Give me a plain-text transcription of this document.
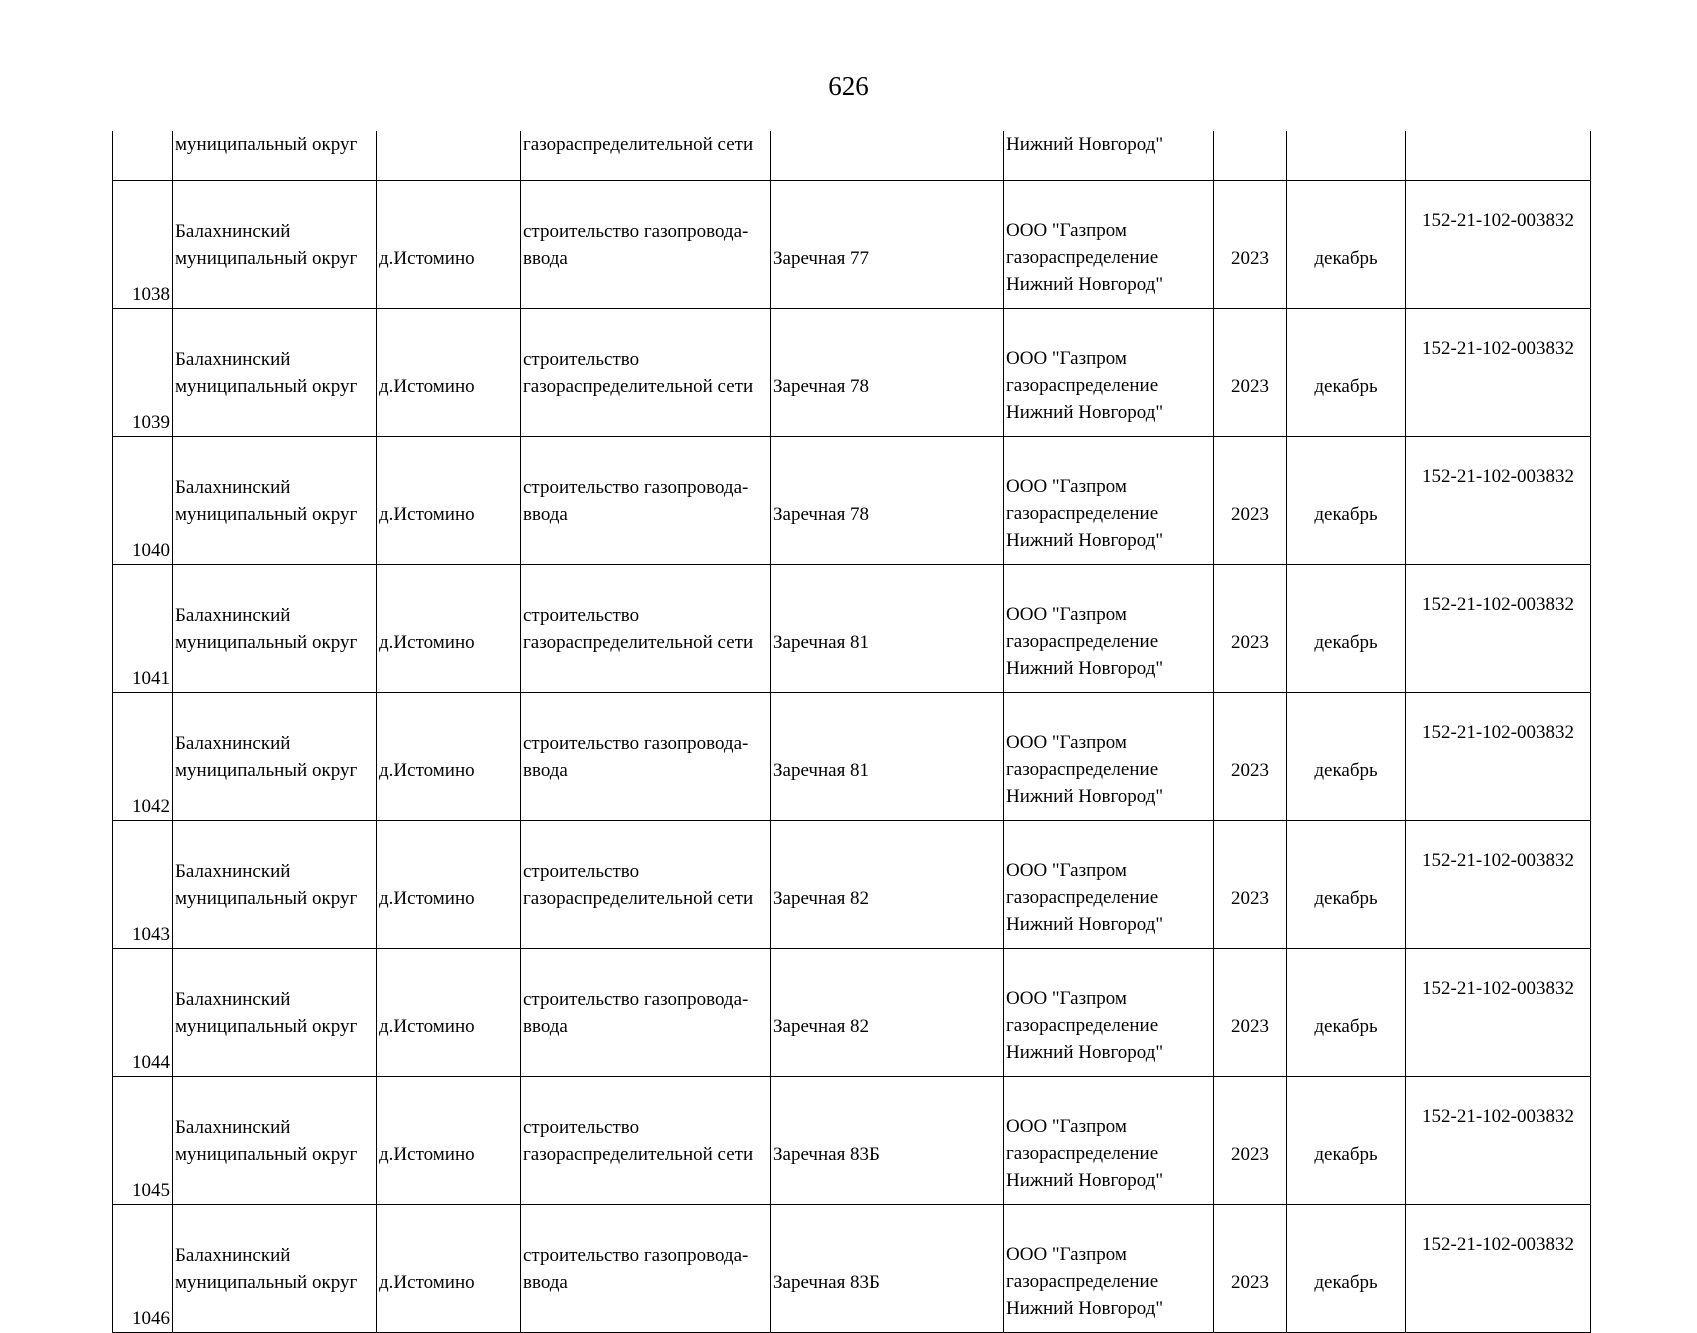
626
	муниципальный округ		газораспределительной сети		Нижний Новгород"			
1038	Балахнинский
муниципальный округ	д.Истомино	строительство газопровода-
ввода	Заречная 77	ООО "Газпром
газораспределение
Нижний Новгород"	2023	декабрь	152-21-102-003832
1039	Балахнинский
муниципальный округ	д.Истомино	строительство
газораспределительной сети	Заречная 78	ООО "Газпром
газораспределение
Нижний Новгород"	2023	декабрь	152-21-102-003832
1040	Балахнинский
муниципальный округ	д.Истомино	строительство газопровода-
ввода	Заречная 78	ООО "Газпром
газораспределение
Нижний Новгород"	2023	декабрь	152-21-102-003832
1041	Балахнинский
муниципальный округ	д.Истомино	строительство
газораспределительной сети	Заречная 81	ООО "Газпром
газораспределение
Нижний Новгород"	2023	декабрь	152-21-102-003832
1042	Балахнинский
муниципальный округ	д.Истомино	строительство газопровода-
ввода	Заречная 81	ООО "Газпром
газораспределение
Нижний Новгород"	2023	декабрь	152-21-102-003832
1043	Балахнинский
муниципальный округ	д.Истомино	строительство
газораспределительной сети	Заречная 82	ООО "Газпром
газораспределение
Нижний Новгород"	2023	декабрь	152-21-102-003832
1044	Балахнинский
муниципальный округ	д.Истомино	строительство газопровода-
ввода	Заречная 82	ООО "Газпром
газораспределение
Нижний Новгород"	2023	декабрь	152-21-102-003832
1045	Балахнинский
муниципальный округ	д.Истомино	строительство
газораспределительной сети	Заречная 83Б	ООО "Газпром
газораспределение
Нижний Новгород"	2023	декабрь	152-21-102-003832
1046	Балахнинский
муниципальный округ	д.Истомино	строительство газопровода-
ввода	Заречная 83Б	ООО "Газпром
газораспределение
Нижний Новгород"	2023	декабрь	152-21-102-003832
